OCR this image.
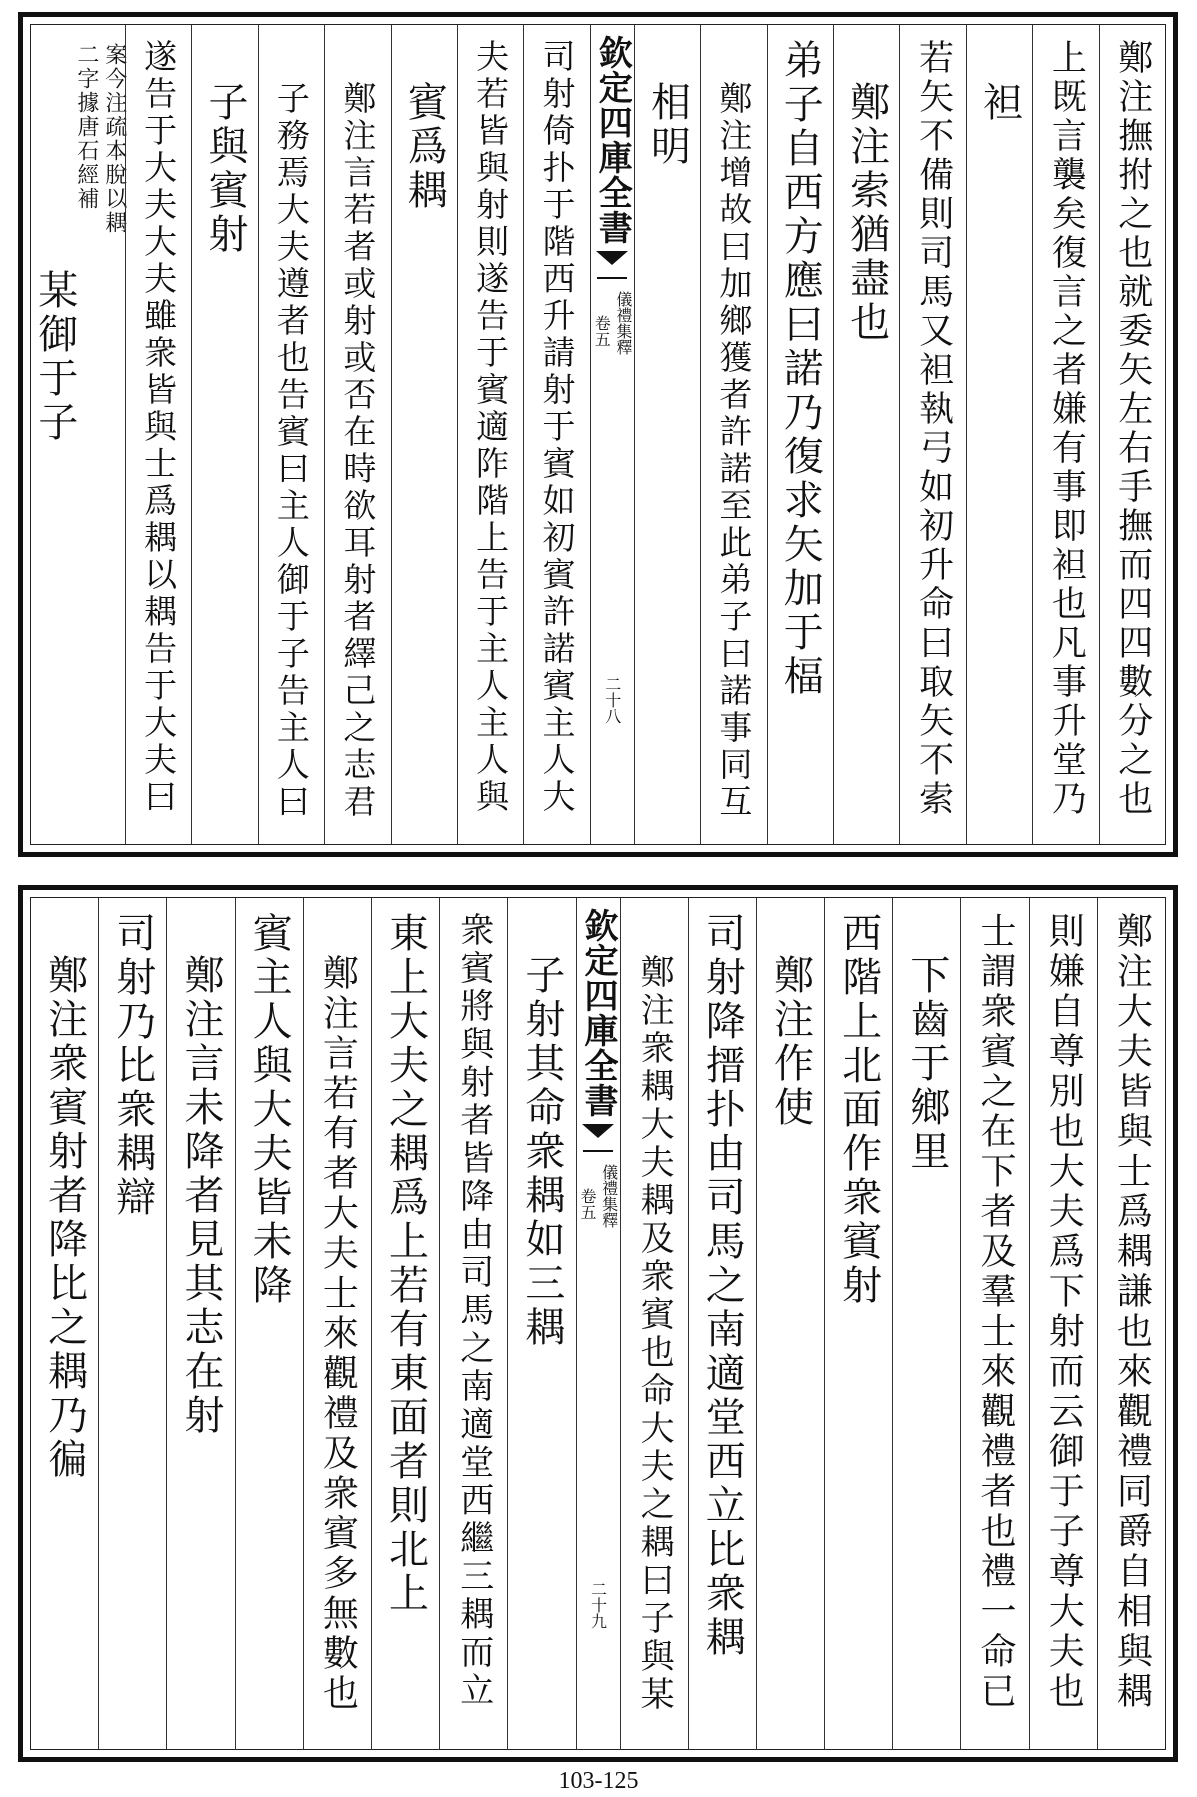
鄭注撫拊之也就委矢左右手撫而四四數分之也
上既言襲矣復言之者嫌有事即袒也凡事升堂乃
袒
若矢不備則司馬又袒執弓如初升命曰取矢不索
鄭注索猶盡也
弟子自西方應曰諾乃復求矢加于楅
鄭注增故曰加鄉獲者許諾至此弟子曰諾事同互
相明
欽定四庫全書
儀禮集釋
卷五
二十八
司射倚扑于階西升請射于賓如初賓許諾賓主人大
夫若皆與射則遂告于賓適阼階上告于主人主人與
賓爲耦
鄭注言若者或射或否在時欲耳射者繹己之志君
子務焉大夫遵者也告賓曰主人御于子告主人曰
子與賓射
遂告于大夫大夫雖衆皆與士爲耦以耦告于大夫曰
案今注疏本脫以耦
二字據唐石經補
某御于子
鄭注大夫皆與士爲耦謙也來觀禮同爵自相與耦
則嫌自尊別也大夫爲下射而云御于子尊大夫也
士謂衆賓之在下者及羣士來觀禮者也禮一命已
下齒于鄉里
西階上北面作衆賓射
鄭注作使
司射降搢扑由司馬之南適堂西立比衆耦
鄭注衆耦大夫耦及衆賓也命大夫之耦曰子與某
欽定四庫全書
儀禮集釋
卷五
二十九
子射其命衆耦如三耦
衆賓將與射者皆降由司馬之南適堂西繼三耦而立
東上大夫之耦爲上若有東面者則北上
鄭注言若有者大夫士來觀禮及衆賓多無數也
賓主人與大夫皆未降
鄭注言未降者見其志在射
司射乃比衆耦辯
鄭注衆賓射者降比之耦乃徧
103-125
